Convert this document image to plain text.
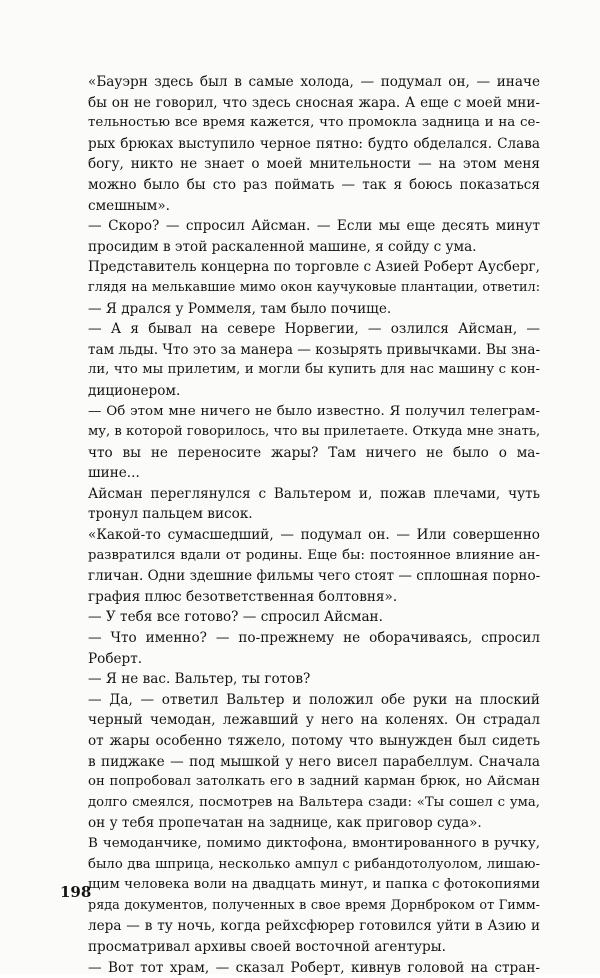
«Бауэрн здесь был в самые холода, — подумал он, — иначе
бы он не говорил, что здесь сносная жара. А еще с моей мни-
тельностью все время кажется, что промокла задница и на се-
рых брюках выступило черное пятно: будто обделался. Слава
богу, никто не знает о моей мнительности — на этом меня
можно было бы сто раз поймать — так я боюсь показаться
смешным».
— Скоро? — спросил Айсман. — Если мы еще десять минут
просидим в этой раскаленной машине, я сойду с ума.
Представитель концерна по торговле с Азией Роберт Аусберг,
глядя на мелькавшие мимо окон каучуковые плантации, ответил:
— Я дрался у Роммеля, там было почище.
— А я бывал на севере Норвегии, — озлился Айсман, —
там льды. Что это за манера — козырять привычками. Вы зна-
ли, что мы прилетим, и могли бы купить для нас машину с кон-
диционером.
— Об этом мне ничего не было известно. Я получил телеграм-
му, в которой говорилось, что вы прилетаете. Откуда мне знать,
что вы не переносите жары? Там ничего не было о ма-
шине...
Айсман переглянулся с Вальтером и, пожав плечами, чуть
тронул пальцем висок.
«Какой-то сумасшедший, — подумал он. — Или совершенно
развратился вдали от родины. Еще бы: постоянное влияние ан-
гличан. Одни здешние фильмы чего стоят — сплошная порно-
графия плюс безответственная болтовня».
— У тебя все готово? — спросил Айсман.
— Что именно? — по-прежнему не оборачиваясь, спросил
Роберт.
— Я не вас. Вальтер, ты готов?
— Да, — ответил Вальтер и положил обе руки на плоский
черный чемодан, лежавший у него на коленях. Он страдал
от жары особенно тяжело, потому что вынужден был сидеть
в пиджаке — под мышкой у него висел парабеллум. Сначала
он попробовал затолкать его в задний карман брюк, но Айсман
долго смеялся, посмотрев на Вальтера сзади: «Ты сошел с ума,
он у тебя пропечатан на заднице, как приговор суда».
В чемоданчике, помимо диктофона, вмонтированного в ручку,
было два шприца, несколько ампул с рибандотолуолом, лишаю-
щим человека воли на двадцать минут, и папка с фотокопиями
ряда документов, полученных в свое время Дорнброком от Гимм-
лера — в ту ночь, когда рейхсфюрер готовился уйти в Азию и
просматривал архивы своей восточной агентуры.
— Вот тот храм, — сказал Роберт, кивнув головой на стран-
198
